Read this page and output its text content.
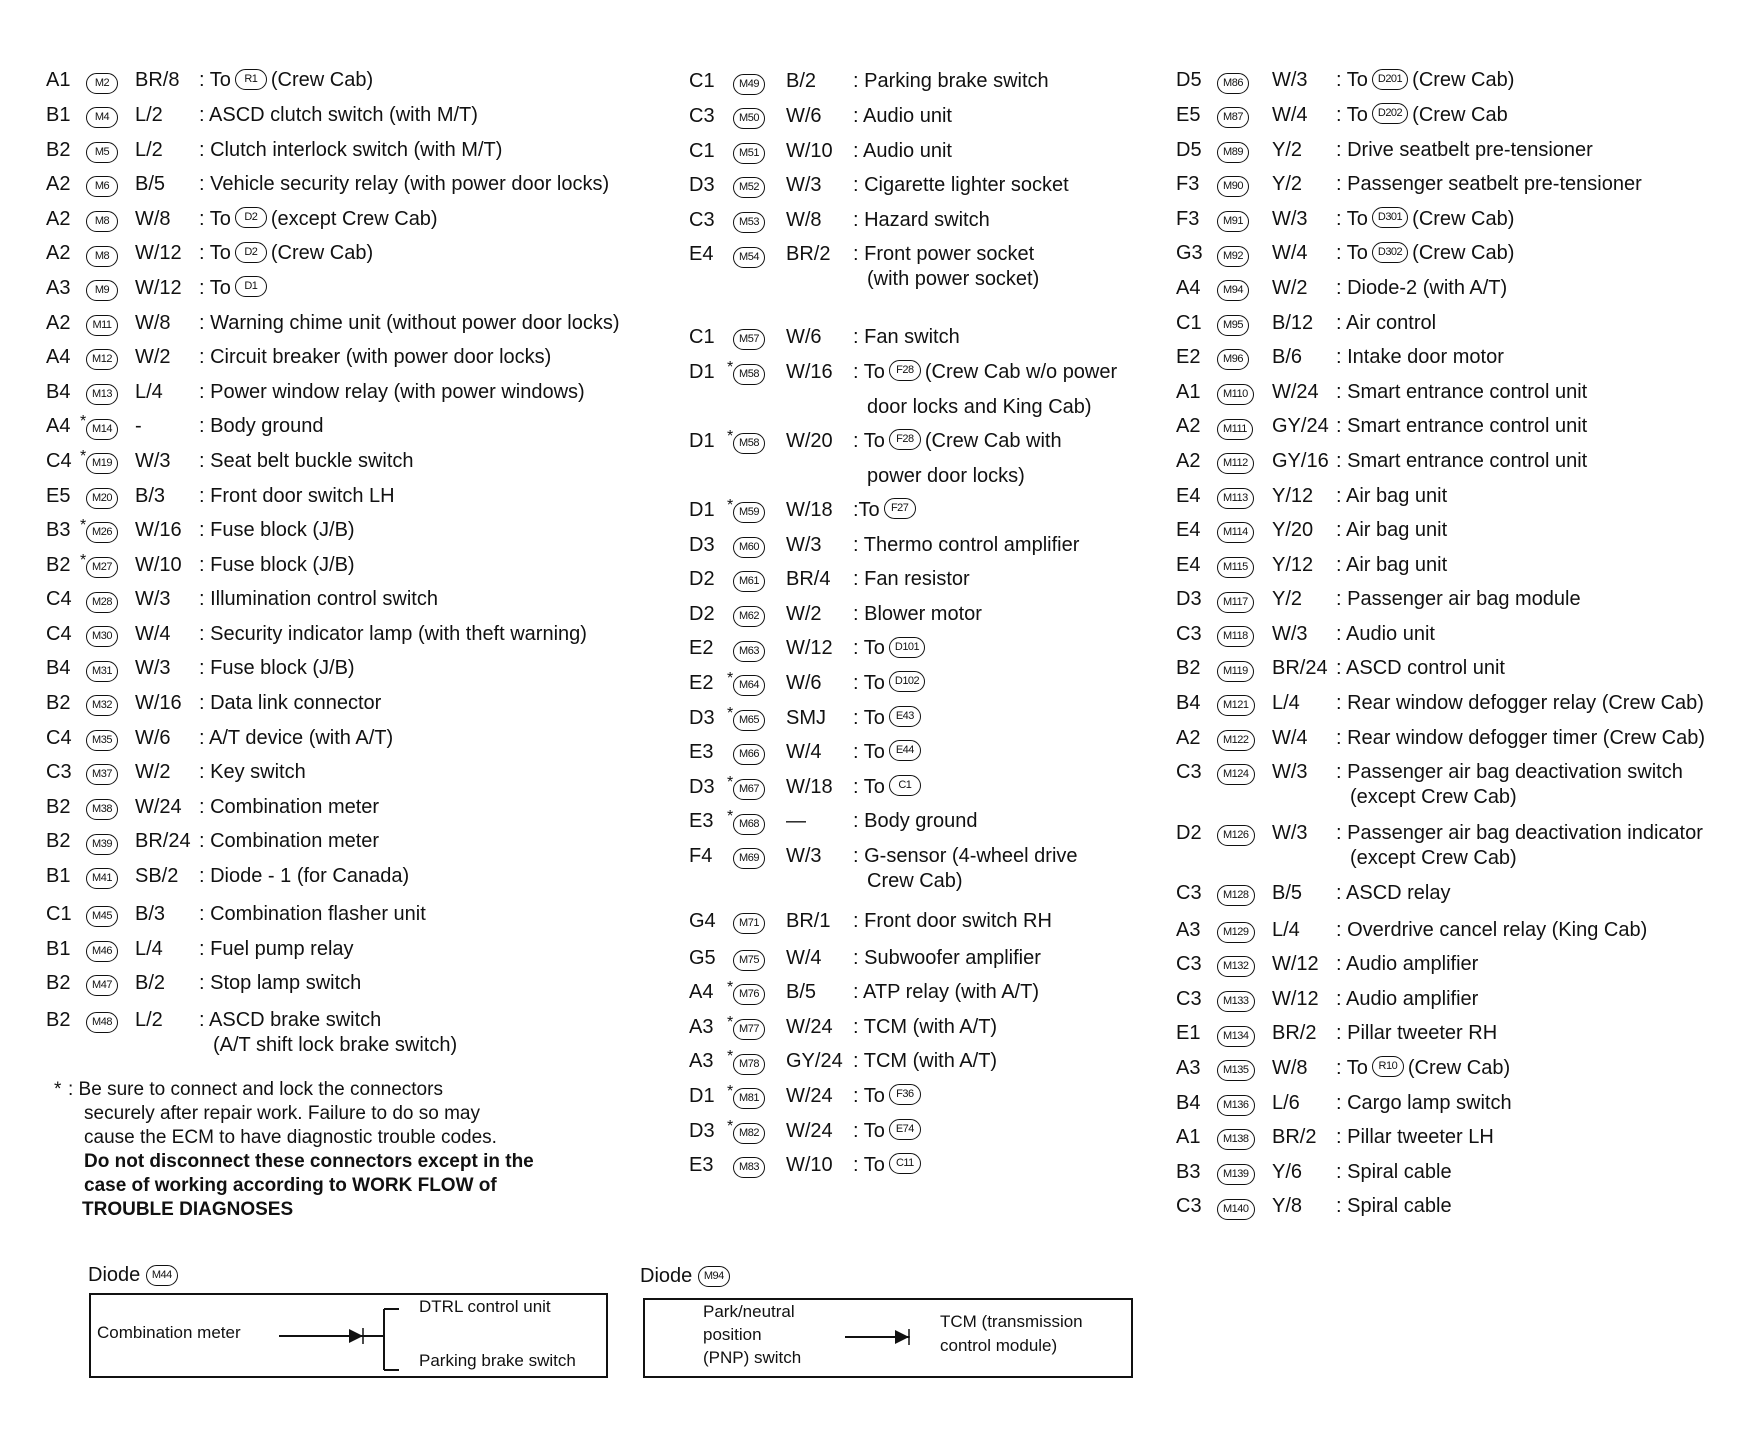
A1	M2	BR/8 : To R1 (Crew Cab)
B1	M4	L/2 : ASCD clutch switch (with M/T)
B2	M5	L/2 : Clutch interlock switch (with M/T)
A2	M6	B/5 : Vehicle security relay (with power door locks)
A2	M8	W/8 : To D2 (except Crew Cab)
A2	M8	W/12 : To D2 (Crew Cab)
A3	M9	W/12 : To D1
A2	M11	W/8 : Warning chime unit (without power door locks)
A4	M12	W/2 : Circuit breaker (with power door locks)
B4	M13	L/4 : Power window relay (with power windows)
A4 * M14	-	: Body ground
C4 * M19	W/3 : Seat belt buckle switch
E5	M20	B/3 : Front door switch LH
B3 * M26	W/16 : Fuse block (J/B)
B2 * M27	W/10 : Fuse block (J/B)
C4	M28	W/3 : Illumination control switch
C4	M30	W/4 : Security indicator lamp (with theft warning)
B4	M31	W/3 : Fuse block (J/B)
B2	M32	W/16 : Data link connector
C4	M35	W/6 : A/T device (with A/T)
C3	M37	W/2 : Key switch
B2	M38	W/24 : Combination meter
B2	M39	BR/24 : Combination meter
B1	M41	SB/2 : Diode - 1 (for Canada)
C1	M45	B/3 : Combination flasher unit
B1	M46	L/4 : Fuel pump relay
B2	M47	B/2 : Stop lamp switch
B2	M48	L/2 : ASCD brake switch
(A/T shift lock brake switch)
C1	M49	B/2 : Parking brake switch
C3	M50	W/6 : Audio unit
C1	M51	W/10 : Audio unit
D3	M52	W/3 : Cigarette lighter socket
C3	M53	W/8 : Hazard switch
E4	M54	BR/2 : Front power socket
(with power socket)
C1	M57	W/6 : Fan switch
D1 * M58	W/16 : To F28 (Crew Cab w/o power
door locks and King Cab)
D1 * M58	W/20 : To F28 (Crew Cab with
power door locks)
D1 * M59	W/18 :To F27
D3	M60	W/3 : Thermo control amplifier
D2	M61	BR/4 : Fan resistor
D2	M62	W/2 : Blower motor
E2	M63	W/12 : To D101
E2 * M64	W/6 : To D102
D3 * M65	SMJ : To E43
E3	M66	W/4 : To E44
D3 * M67	W/18 : To C1
E3 * M68	— : Body ground
F4	M69	W/3 : G-sensor (4-wheel drive
Crew Cab)
G4	M71	BR/1 : Front door switch RH
G5	M75	W/4 : Subwoofer amplifier
A4 * M76	B/5 : ATP relay (with A/T)
A3 * M77	W/24 : TCM (with A/T)
A3 * M78	GY/24 : TCM (with A/T)
D1 * M81	W/24 : To F36
D3 * M82	W/24 : To E74
E3	M83	W/10 : To C11
D5	M86	W/3 : To D201 (Crew Cab)
E5	M87	W/4 : To D202 (Crew Cab
D5	M89	Y/2 : Drive seatbelt pre-tensioner
F3	M90	Y/2 : Passenger seatbelt pre-tensioner
F3	M91	W/3 : To D301 (Crew Cab)
G3	M92	W/4 : To D302 (Crew Cab)
A4	M94	W/2 : Diode-2 (with A/T)
C1	M95	B/12 : Air control
E2	M96	B/6 : Intake door motor
A1	M110	W/24 : Smart entrance control unit
A2	M111	GY/24 : Smart entrance control unit
A2	M112	GY/16 : Smart entrance control unit
E4	M113	Y/12 : Air bag unit
E4	M114	Y/20 : Air bag unit
E4	M115	Y/12 : Air bag unit
D3	M117	Y/2 : Passenger air bag module
C3	M118	W/3 : Audio unit
B2	M119	BR/24 : ASCD control unit
B4	M121	L/4 : Rear window defogger relay (Crew Cab)
A2	M122	W/4 : Rear window defogger timer (Crew Cab)
C3	M124	W/3 : Passenger air bag deactivation switch
(except Crew Cab)
D2	M126	W/3 : Passenger air bag deactivation indicator
(except Crew Cab)
C3	M128	B/5 : ASCD relay
A3	M129	L/4 : Overdrive cancel relay (King Cab)
C3	M132	W/12 : Audio amplifier
C3	M133	W/12 : Audio amplifier
E1	M134	BR/2 : Pillar tweeter RH
A3	M135	W/8 : To R10 (Crew Cab)
B4	M136	L/6 : Cargo lamp switch
A1	M138	BR/2 : Pillar tweeter LH
B3	M139	Y/6 : Spiral cable
C3	M140	Y/8 : Spiral cable
* : Be sure to connect and lock the connectors
securely after repair work. Failure to do so may
cause the ECM to have diagnostic trouble codes.
Do not disconnect these connectors except in the
case of working according to WORK FLOW of
TROUBLE DIAGNOSES
Diode M44
Combination meter
DTRL control unit
Parking brake switch
Diode M94
Park/neutral
position
(PNP) switch
TCM (transmission
control module)
